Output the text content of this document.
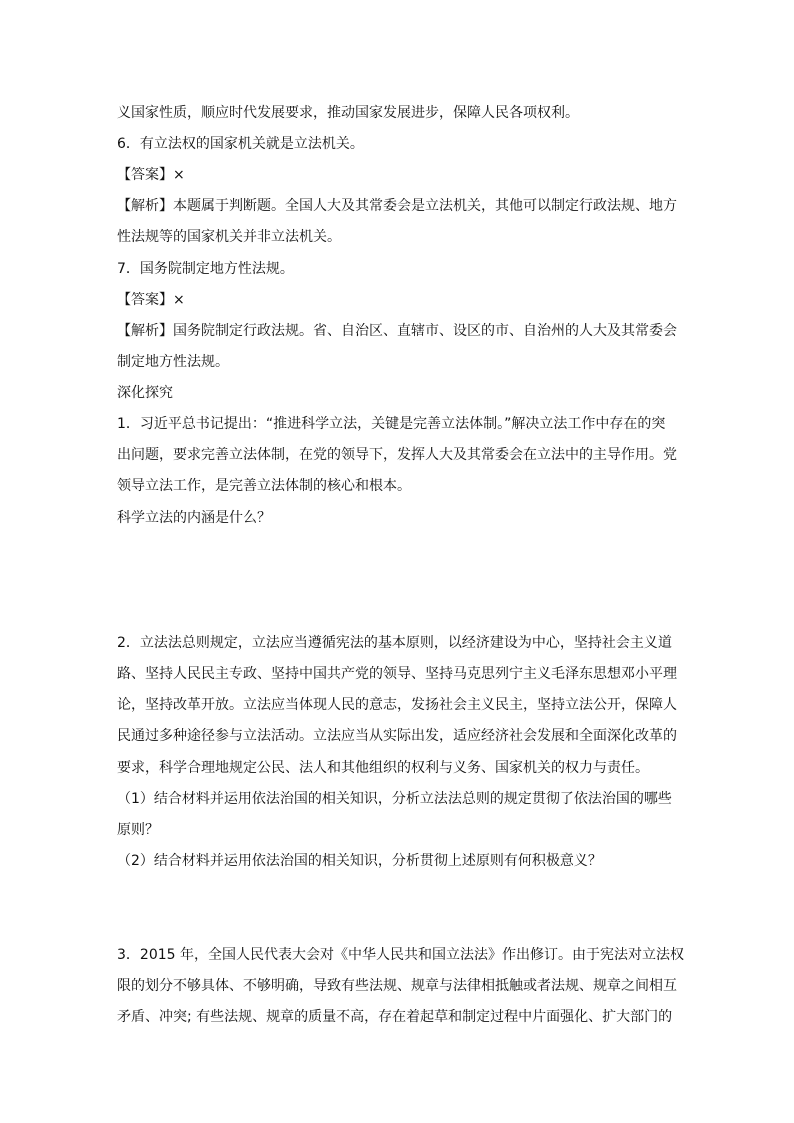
义国家性质，顺应时代发展要求，推动国家发展进步，保障人民各项权利。
6．有立法权的国家机关就是立法机关。
【答案】×
【解析】本题属于判断题。全国人大及其常委会是立法机关，其他可以制定行政法规、地方
性法规等的国家机关并非立法机关。
7．国务院制定地方性法规。
【答案】×
【解析】国务院制定行政法规。省、自治区、直辖市、设区的市、自治州的人大及其常委会
制定地方性法规。
深化探究
1．习近平总书记提出：“推进科学立法，关键是完善立法体制。”解决立法工作中存在的突
出问题，要求完善立法体制，在党的领导下，发挥人大及其常委会在立法中的主导作用。党
领导立法工作，是完善立法体制的核心和根本。
科学立法的内涵是什么？
2．立法法总则规定，立法应当遵循宪法的基本原则，以经济建设为中心，坚持社会主义道
路、坚持人民民主专政、坚持中国共产党的领导、坚持马克思列宁主义毛泽东思想邓小平理
论，坚持改革开放。立法应当体现人民的意志，发扬社会主义民主，坚持立法公开，保障人
民通过多种途径参与立法活动。立法应当从实际出发，适应经济社会发展和全面深化改革的
要求，科学合理地规定公民、法人和其他组织的权利与义务、国家机关的权力与责任。
（1）结合材料并运用依法治国的相关知识，分析立法法总则的规定贯彻了依法治国的哪些
原则？
（2）结合材料并运用依法治国的相关知识，分析贯彻上述原则有何积极意义？
3．2015 年，全国人民代表大会对《中华人民共和国立法法》作出修订。由于宪法对立法权
限的划分不够具体、不够明确，导致有些法规、规章与法律相抵触或者法规、规章之间相互
矛盾、冲突; 有些法规、规章的质量不高，存在着起草和制定过程中片面强化、扩大部门的
